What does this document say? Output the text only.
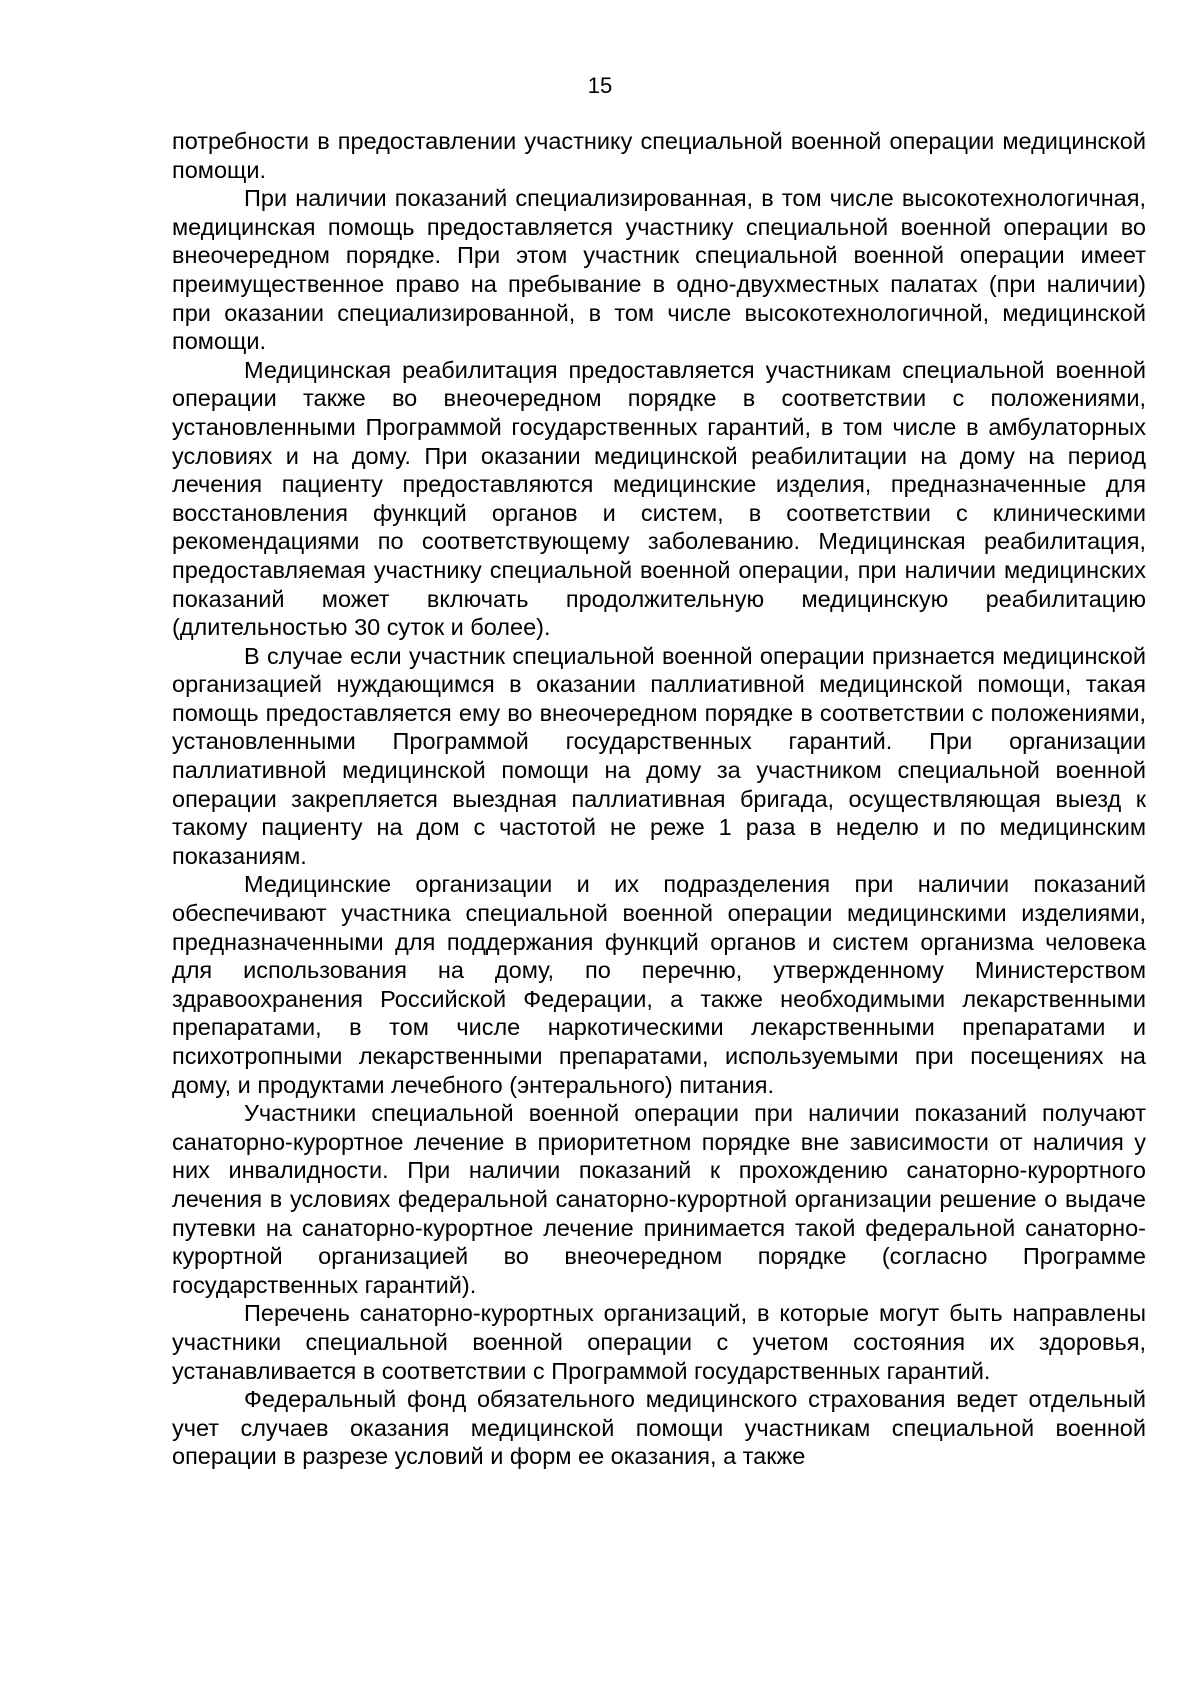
15

потребности в предоставлении участнику специальной военной операции медицинской помощи.

При наличии показаний специализированная, в том числе высокотехнологичная, медицинская помощь предоставляется участнику специальной военной операции во внеочередном порядке. При этом участник специальной военной операции имеет преимущественное право на пребывание в одно-двухместных палатах (при наличии) при оказании специализированной, в том числе высокотехнологичной, медицинской помощи.

Медицинская реабилитация предоставляется участникам специальной военной операции также во внеочередном порядке в соответствии с положениями, установленными Программой государственных гарантий, в том числе в амбулаторных условиях и на дому. При оказании медицинской реабилитации на дому на период лечения пациенту предоставляются медицинские изделия, предназначенные для восстановления функций органов и систем, в соответствии с клиническими рекомендациями по соответствующему заболеванию. Медицинская реабилитация, предоставляемая участнику специальной военной операции, при наличии медицинских показаний может включать продолжительную медицинскую реабилитацию (длительностью 30 суток и более).

В случае если участник специальной военной операции признается медицинской организацией нуждающимся в оказании паллиативной медицинской помощи, такая помощь предоставляется ему во внеочередном порядке в соответствии с положениями, установленными Программой государственных гарантий. При организации паллиативной медицинской помощи на дому за участником специальной военной операции закрепляется выездная паллиативная бригада, осуществляющая выезд к такому пациенту на дом с частотой не реже 1 раза в неделю и по медицинским показаниям.

Медицинские организации и их подразделения при наличии показаний обеспечивают участника специальной военной операции медицинскими изделиями, предназначенными для поддержания функций органов и систем организма человека для использования на дому, по перечню, утвержденному Министерством здравоохранения Российской Федерации, а также необходимыми лекарственными препаратами, в том числе наркотическими лекарственными препаратами и психотропными лекарственными препаратами, используемыми при посещениях на дому, и продуктами лечебного (энтерального) питания.

Участники специальной военной операции при наличии показаний получают санаторно-курортное лечение в приоритетном порядке вне зависимости от наличия у них инвалидности. При наличии показаний к прохождению санаторно-курортного лечения в условиях федеральной санаторно-курортной организации решение о выдаче путевки на санаторно-курортное лечение принимается такой федеральной санаторно-курортной организацией во внеочередном порядке (согласно Программе государственных гарантий).

Перечень санаторно-курортных организаций, в которые могут быть направлены участники специальной военной операции с учетом состояния их здоровья, устанавливается в соответствии с Программой государственных гарантий.

Федеральный фонд обязательного медицинского страхования ведет отдельный учет случаев оказания медицинской помощи участникам специальной военной операции в разрезе условий и форм ее оказания, а также
